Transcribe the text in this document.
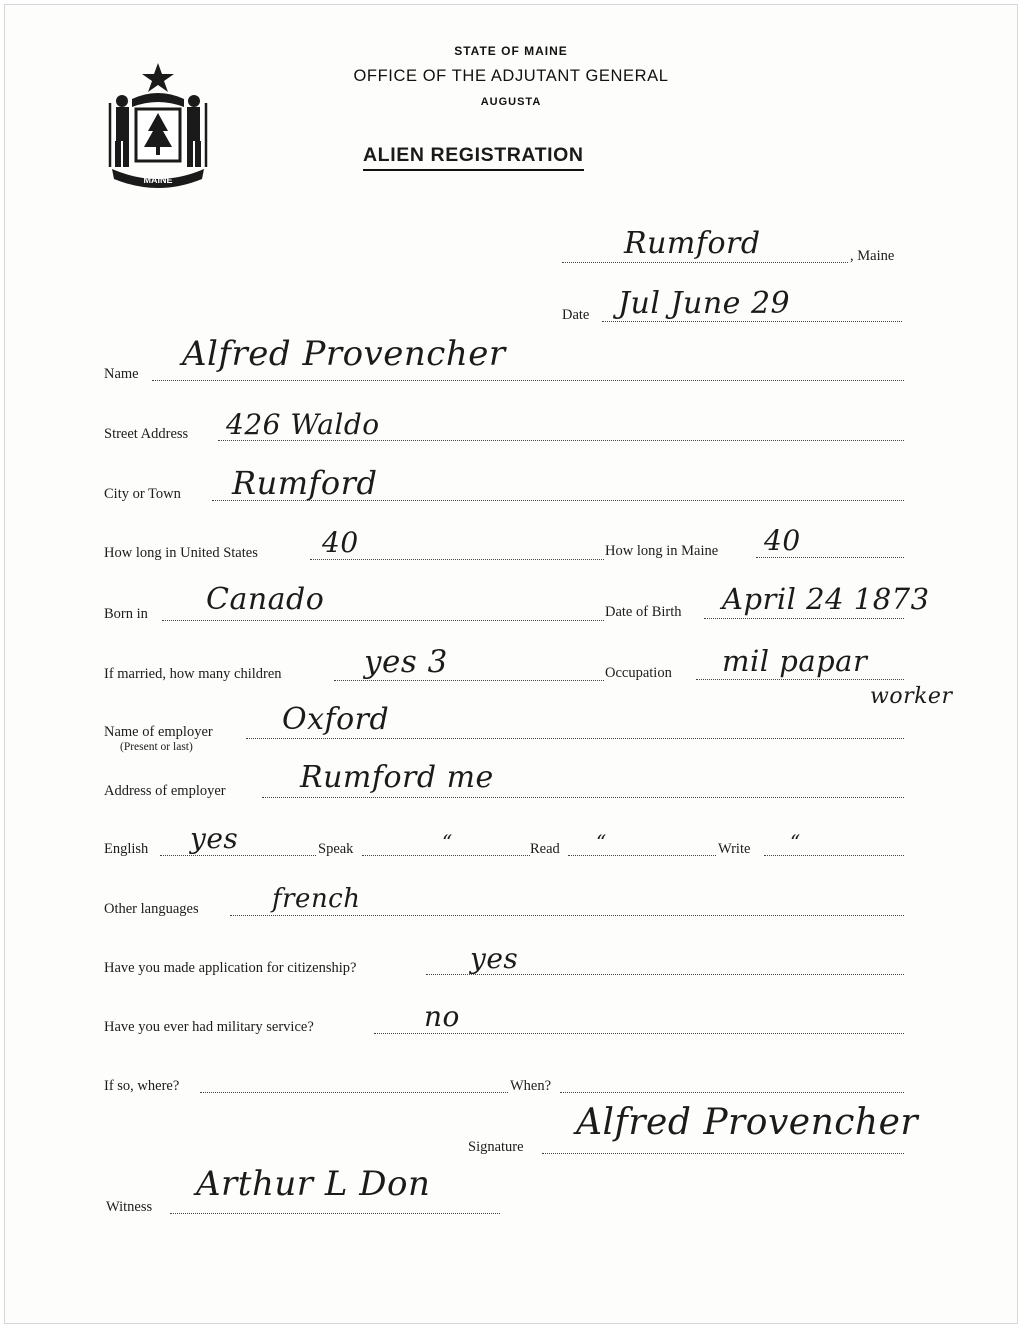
MAINE
STATE OF MAINE
OFFICE OF THE ADJUTANT GENERAL
AUGUSTA
ALIEN REGISTRATION
Rumford	, Maine
Date Jul June 29
Name Alfred Provencher
Street Address 426 Waldo
City or Town Rumford
How long in United States 40	How long in Maine 40
Born in Canado	Date of Birth April 24 1873
If married, how many children	yes 3	Occupation mil papar
worker
Name of employer
(Present or last)
Oxford
Address of employer Rumford me
English yes	Speak	“	Read “	Write “
Other languages	french
Have you made application for citizenship?	yes
Have you ever had military service?	no
If so, where?	When?
Signature
Alfred Provencher
Witness
Arthur L Don
